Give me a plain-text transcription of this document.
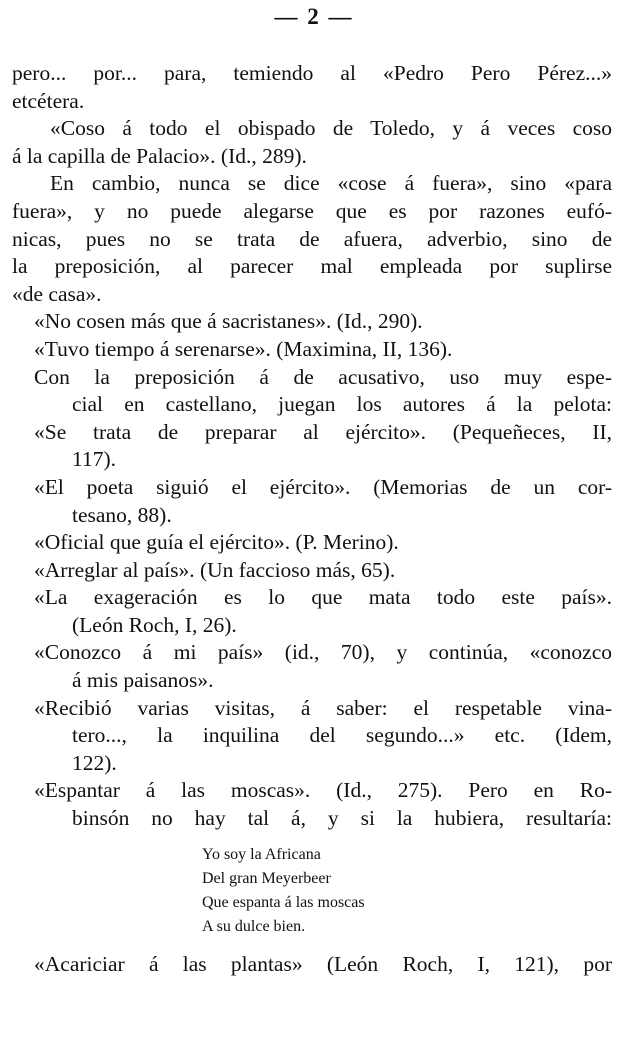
— 2 —
pero... por... para, temiendo al «Pedro Pero Pérez...»
etcétera.
«Coso á todo el obispado de Toledo, y á veces coso
á la capilla de Palacio». (Id., 289).
En cambio, nunca se dice «cose á fuera», sino «para
fuera», y no puede alegarse que es por razones eufó-
nicas, pues no se trata de afuera, adverbio, sino de
la preposición, al parecer mal empleada por suplirse
«de casa».
«No cosen más que á sacristanes». (Id., 290).
«Tuvo tiempo á serenarse». (Maximina, II, 136).
Con la preposición á de acusativo, uso muy espe-
cial en castellano, juegan los autores á la pelota:
«Se trata de preparar al ejército». (Pequeñeces, II,
117).
«El poeta siguió el ejército». (Memorias de un cor-
tesano, 88).
«Oficial que guía el ejército». (P. Merino).
«Arreglar al país». (Un faccioso más, 65).
«La exageración es lo que mata todo este país».
(León Roch, I, 26).
«Conozco á mi país» (id., 70), y continúa, «conozco
á mis paisanos».
«Recibió varias visitas, á saber: el respetable vina-
tero..., la inquilina del segundo...» etc. (Idem,
122).
«Espantar á las moscas». (Id., 275). Pero en Ro-
binsón no hay tal á, y si la hubiera, resultaría:
Yo soy la Africana
Del gran Meyerbeer
Que espanta á las moscas
A su dulce bien.
«Acariciar á las plantas» (León Roch, I, 121), por
